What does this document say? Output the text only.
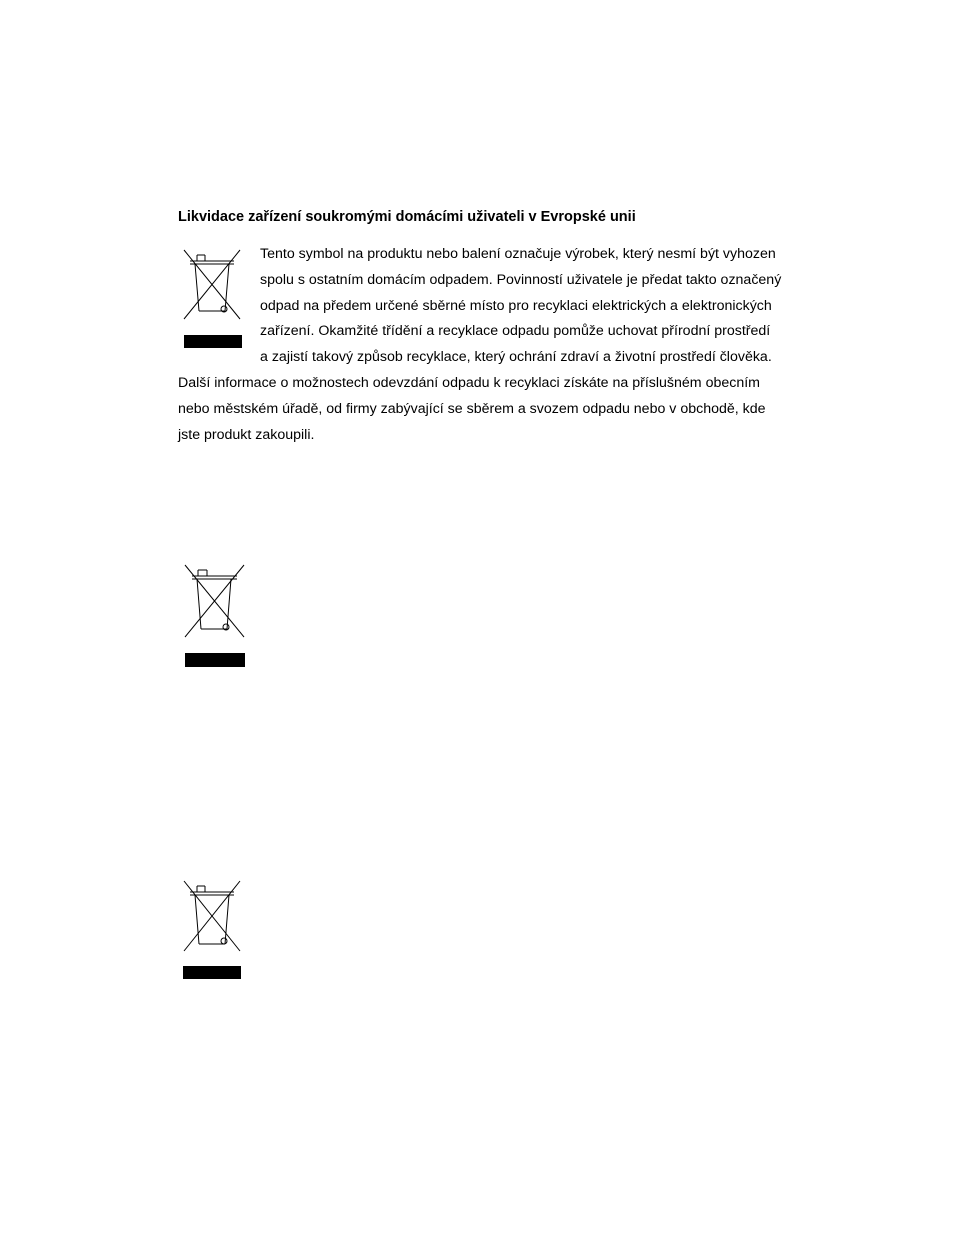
Likvidace zařízení soukromými domácími uživateli v Evropské unii
Tento symbol na produktu nebo balení označuje výrobek, který nesmí být vyhozen
spolu s ostatním domácím odpadem. Povinností uživatele je předat takto označený
odpad na předem určené sběrné místo pro recyklaci elektrických a elektronických
zařízení. Okamžité třídění a recyklace odpadu pomůže uchovat přírodní prostředí
a zajistí takový způsob recyklace, který ochrání zdraví a životní prostředí člověka.
Další informace o možnostech odevzdání odpadu k recyklaci získáte na příslušném obecním
nebo městském úřadě, od firmy zabývající se sběrem a svozem odpadu nebo v obchodě, kde
jste produkt zakoupili.
